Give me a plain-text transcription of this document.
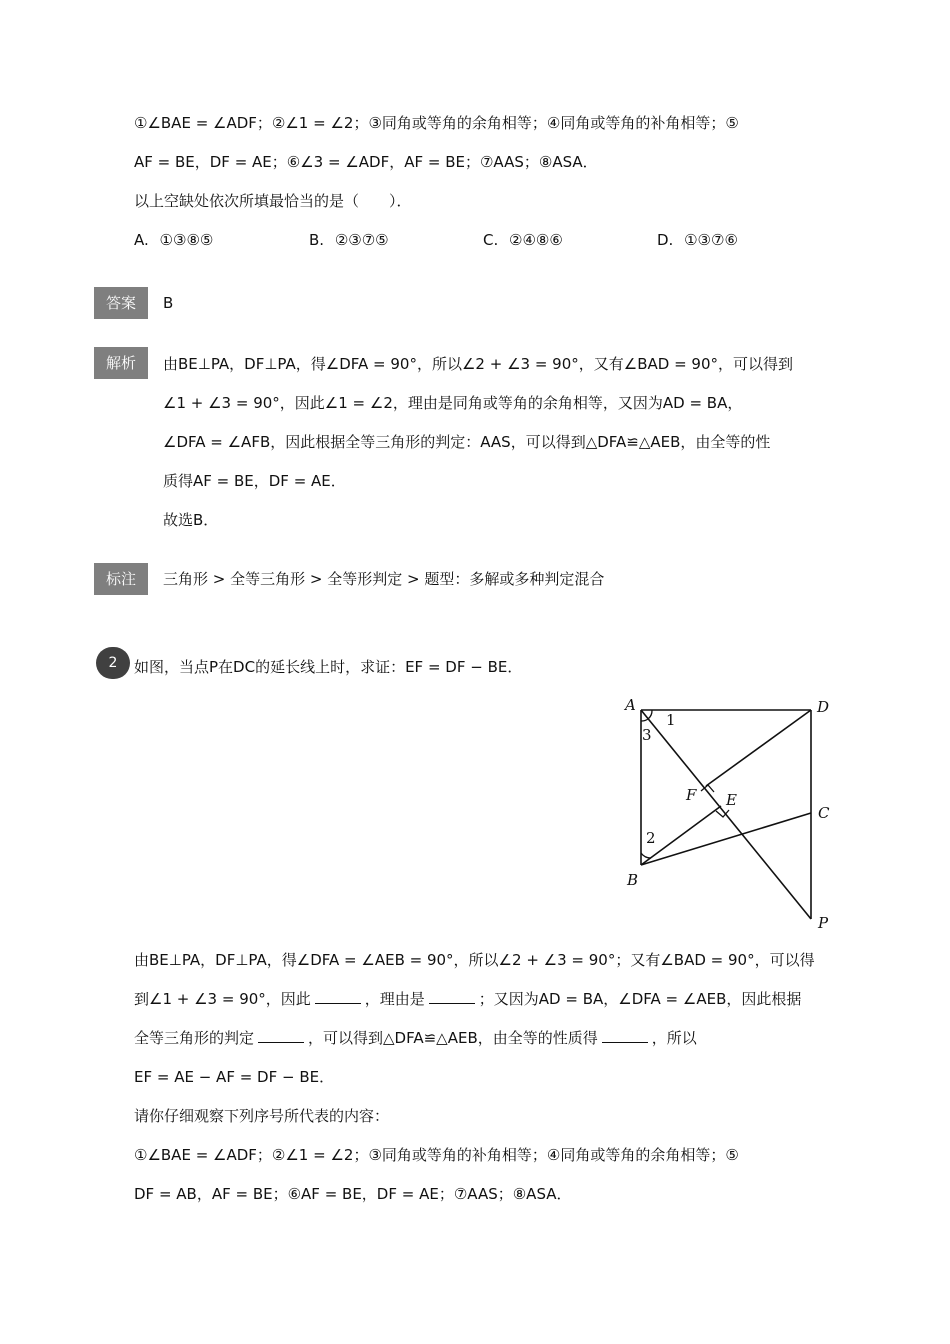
①∠BAE = ∠ADF；②∠1 = ∠2；③同角或等角的余角相等；④同角或等角的补角相等；⑤
AF = BE，DF = AE；⑥∠3 = ∠ADF，AF = BE；⑦AAS；⑧ASA．
以上空缺处依次所填最恰当的是（　　）．
A. ①③⑧⑤	B. ②③⑦⑤	C. ②④⑧⑥	D. ①③⑦⑥
答案	B
解析	由BE⊥PA，DF⊥PA，得∠DFA = 90°，所以∠2 + ∠3 = 90°，又有∠BAD = 90°，可以得到
∠1 + ∠3 = 90°，因此∠1 = ∠2，理由是同角或等角的余角相等，又因为AD = BA，
∠DFA = ∠AFB，因此根据全等三角形的判定：AAS，可以得到△DFA≌△AEB，由全等的性
质得AF = BE，DF = AE．
故选B．
标注	三角形 > 全等三角形 > 全等形判定 > 题型：多解或多种判定混合
2	如图，当点P在DC的延长线上时，求证：EF = DF − BE．
A	D
C
B
P
F E
1
3
2
由BE⊥PA，DF⊥PA，得∠DFA = ∠AEB = 90°，所以∠2 + ∠3 = 90°；又有∠BAD = 90°，可以得
到∠1 + ∠3 = 90°，因此	，理由是	；又因为AD = BA，∠DFA = ∠AEB，因此根据
全等三角形的判定	，可以得到△DFA≌△AEB，由全等的性质得	，所以
EF = AE − AF = DF − BE．
请你仔细观察下列序号所代表的内容：
①∠BAE = ∠ADF；②∠1 = ∠2；③同角或等角的补角相等；④同角或等角的余角相等；⑤
DF = AB，AF = BE；⑥AF = BE，DF = AE；⑦AAS；⑧ASA．
